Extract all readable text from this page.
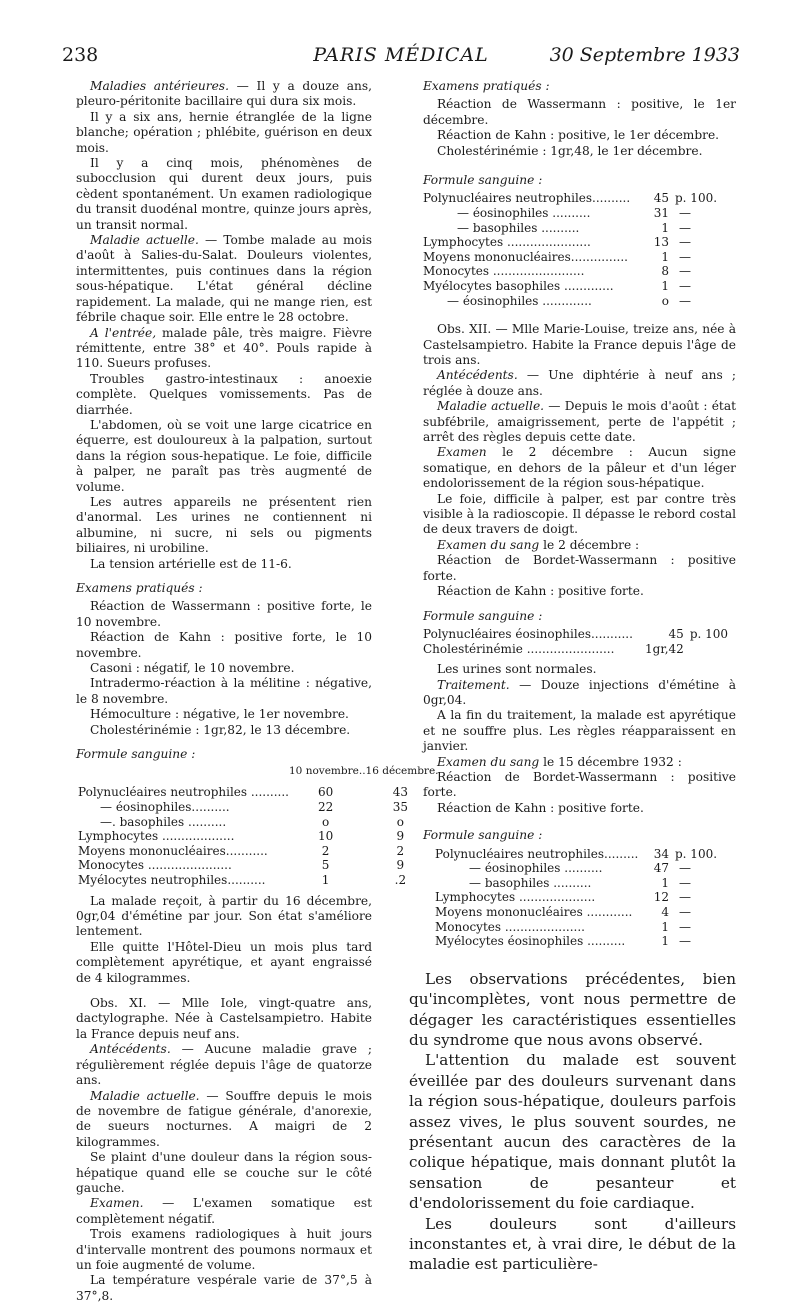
238	PARIS MÉDICAL	30 Septembre 1933

Maladies antérieures. — Il y a douze ans, pleuro-péritonite bacillaire qui dura six mois.

Il y a six ans, hernie étranglée de la ligne blanche; opération ; phlébite, guérison en deux mois.

Il y a cinq mois, phénomènes de subocclusion qui durent deux jours, puis cèdent spontanément. Un examen radiologique du transit duodénal montre, quinze jours après, un transit normal.

Maladie actuelle. — Tombe malade au mois d'août à Salies-du-Salat. Douleurs violentes, intermittentes, puis continues dans la région sous-hépatique. L'état général décline rapidement. La malade, qui ne mange rien, est fébrile chaque soir. Elle entre le 28 octobre.

A l'entrée, malade pâle, très maigre. Fièvre rémittente, entre 38° et 40°. Pouls rapide à 110. Sueurs profuses.

Troubles gastro-intestinaux : anoexie complète. Quelques vomissements. Pas de diarrhée.

L'abdomen, où se voit une large cicatrice en équerre, est douloureux à la palpation, surtout dans la région sous-hepatique. Le foie, difficile à palper, ne paraît pas très augmenté de volume.

Les autres appareils ne présentent rien d'anormal. Les urines ne contiennent ni albumine, ni sucre, ni sels ou pigments biliaires, ni urobiline.

La tension artérielle est de 11-6.

Examens pratiqués :

Réaction de Wassermann : positive forte, le 10 novembre.

Réaction de Kahn : positive forte, le 10 novembre.

Casoni : négatif, le 10 novembre.

Intradermo-réaction à la mélitine : négative, le 8 novembre.

Hémoculture : négative, le 1er novembre.

Cholestérinémie : 1gr,82, le 13 décembre.

Formule sanguine :
	10 novembre.	.16 décembre.

Polynucléaires neutrophiles ..........	60	43
— éosinophiles..........	22	35
—. basophiles ..........	o	o
Lymphocytes ...................	10	9
Moyens mononucléaires...........	2	2
Monocytes ......................	5	9
Myélocytes neutrophiles..........	1	.2

La malade reçoit, à partir du 16 décembre, 0gr,04 d'émétine par jour. Son état s'améliore lentement.

Elle quitte l'Hôtel-Dieu un mois plus tard complètement apyrétique, et ayant engraissé de 4 kilogrammes.

Obs. XI. — Mlle Iole, vingt-quatre ans, dactylographe. Née à Castelsampietro. Habite la France depuis neuf ans.

Antécédents. — Aucune maladie grave ; régulièrement réglée depuis l'âge de quatorze ans.

Maladie actuelle. — Souffre depuis le mois de novembre de fatigue générale, d'anorexie, de sueurs nocturnes. A maigri de 2 kilogrammes.

Se plaint d'une douleur dans la région sous-hépatique quand elle se couche sur le côté gauche.

Examen. — L'examen somatique est complètement négatif.

Trois examens radiologiques à huit jours d'intervalle montrent des poumons normaux et un foie augmenté de volume.

La température vespérale varie de 37°,5 à 37°,8.

Examens pratiqués :

Réaction de Wassermann : positive, le 1er décembre.

Réaction de Kahn : positive, le 1er décembre.

Cholestérinémie : 1gr,48, le 1er décembre.

Formule sanguine :
Polynucléaires neutrophiles..........	45	p. 100.
— éosinophiles ..........	31	—
— basophiles ..........	1	—
Lymphocytes ......................	13	—
Moyens mononucléaires...............	1	—
Monocytes ........................	8	—
Myélocytes basophiles .............	1	—
— éosinophiles .............	o	—

Obs. XII. — Mlle Marie-Louise, treize ans, née à Castelsampietro. Habite la France depuis l'âge de trois ans.

Antécédents. — Une diphtérie à neuf ans ; réglée à douze ans.

Maladie actuelle. — Depuis le mois d'août : état subfébrile, amaigrissement, perte de l'appétit ; arrêt des règles depuis cette date.

Examen le 2 décembre : Aucun signe somatique, en dehors de la pâleur et d'un léger endolorissement de la région sous-hépatique.

Le foie, difficile à palper, est par contre très visible à la radioscopie. Il dépasse le rebord costal de deux travers de doigt.

Examen du sang le 2 décembre :

Réaction de Bordet-Wassermann : positive forte.

Réaction de Kahn : positive forte.

Formule sanguine :
Polynucléaires éosinophiles...........	45	p. 100
Cholestérinémie .......................	1gr,42	

Les urines sont normales.

Traitement. — Douze injections d'émétine à 0gr,04.

A la fin du traitement, la malade est apyrétique et ne souffre plus. Les règles réapparaissent en janvier.

Examen du sang le 15 décembre 1932 :

Réaction de Bordet-Wassermann : positive forte.

Réaction de Kahn : positive forte.

Formule sanguine :
Polynucléaires neutrophiles.........	34	p. 100.
— éosinophiles ..........	47	—
— basophiles ..........	1	—
Lymphocytes ....................	12	—
Moyens mononucléaires ............	4	—
Monocytes .....................	1	—
Myélocytes éosinophiles ..........	1	—

Les observations précédentes, bien qu'incomplètes, vont nous permettre de dégager les caractéristiques essentielles du syndrome que nous avons observé.

L'attention du malade est souvent éveillée par des douleurs survenant dans la région sous-hépatique, douleurs parfois assez vives, le plus souvent sourdes, ne présentant aucun des caractères de la colique hépatique, mais donnant plutôt la sensation de pesanteur et d'endolorissement du foie cardiaque.

Les douleurs sont d'ailleurs inconstantes et, à vrai dire, le début de la maladie est particulière-
